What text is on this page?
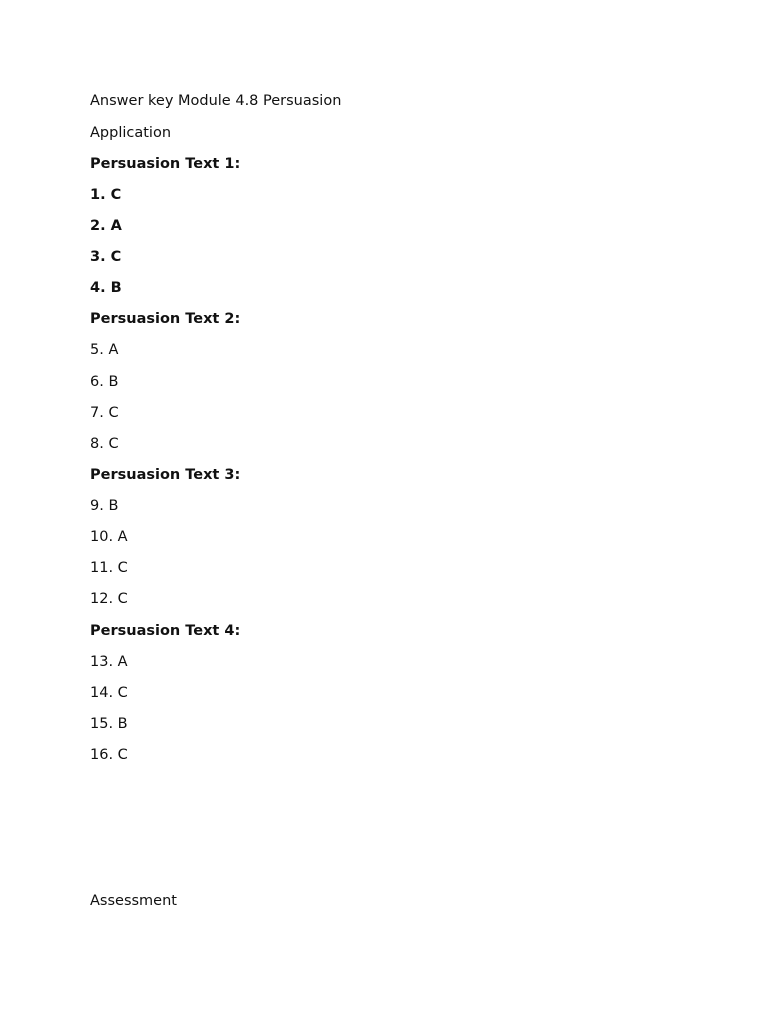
Answer key Module 4.8 Persuasion
Application
Persuasion Text 1:
1. C
2. A
3. C
4. B
Persuasion Text 2:
5. A
6. B
7. C
8. C
Persuasion Text 3:
9. B
10. A
11. C
12. C
Persuasion Text 4:
13. A
14. C
15. B
16. C
Assessment
